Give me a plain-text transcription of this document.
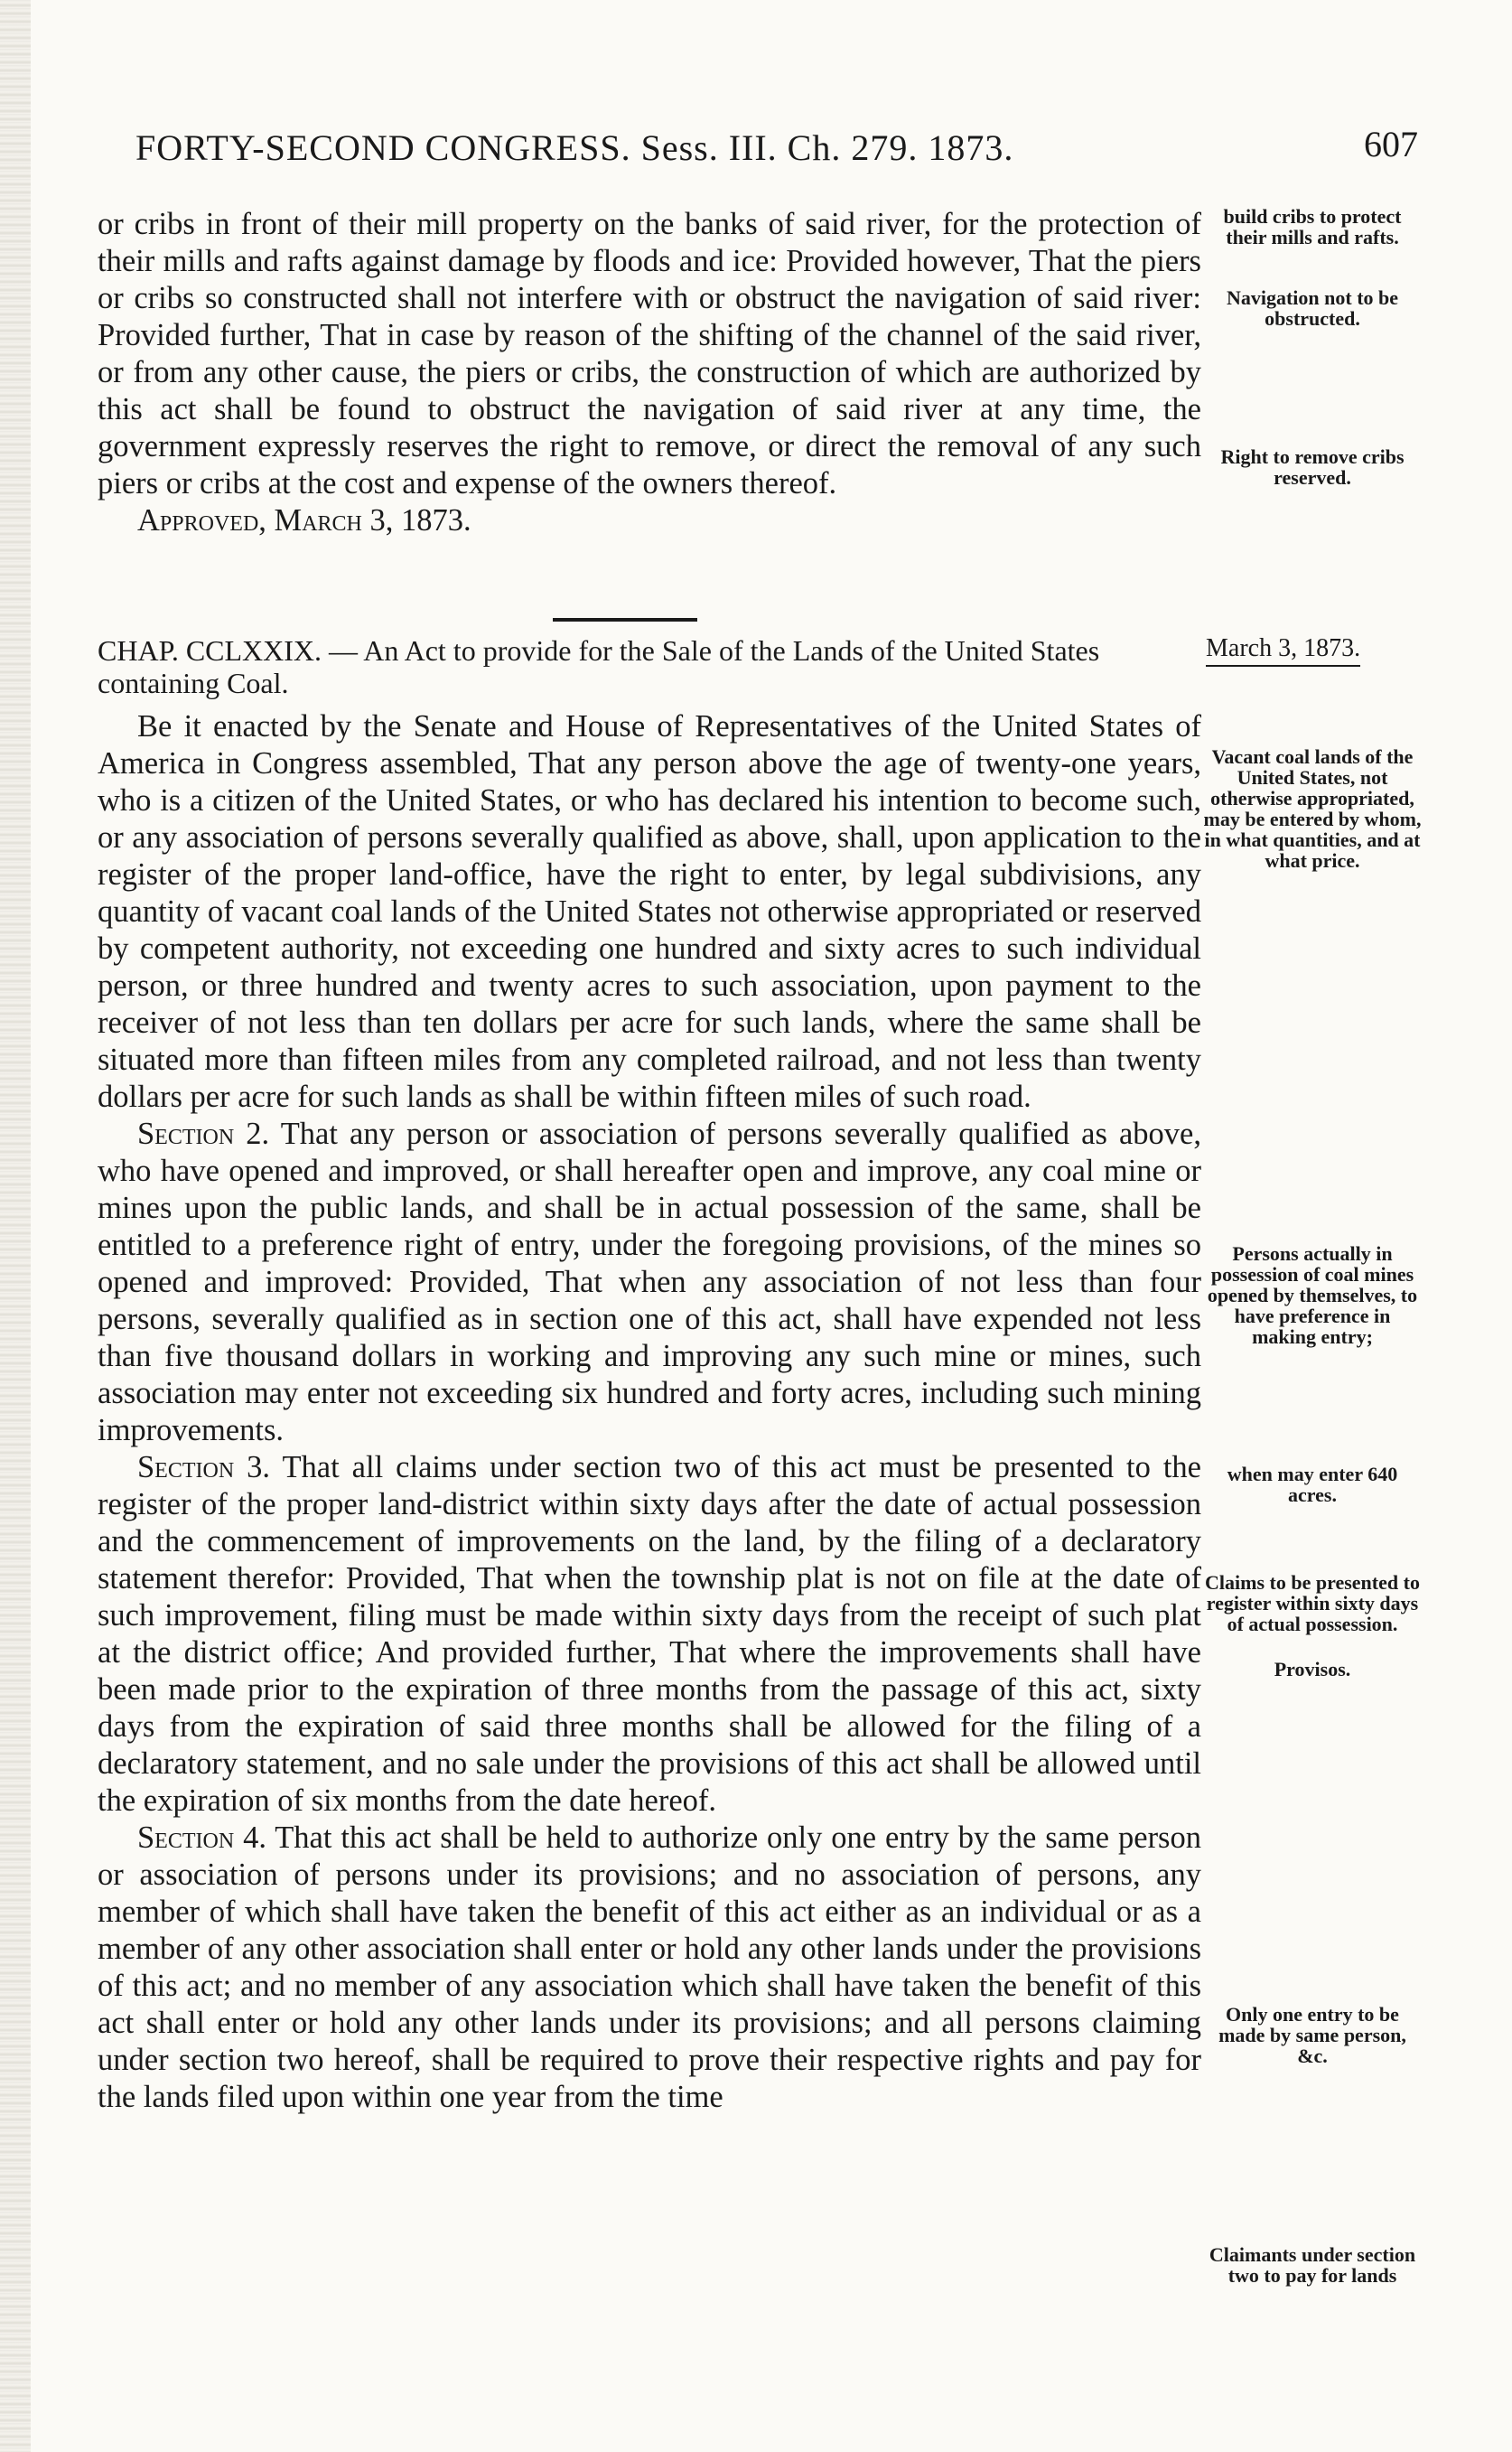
FORTY-SECOND CONGRESS. Sess. III. Ch. 279. 1873.	607

or cribs in front of their mill property on the banks of said river, for the protection of their mills and rafts against damage by floods and ice: Provided however, That the piers or cribs so constructed shall not interfere with or obstruct the navigation of said river: Provided further, That in case by reason of the shifting of the channel of the said river, or from any other cause, the piers or cribs, the construction of which are authorized by this act shall be found to obstruct the navigation of said river at any time, the government expressly reserves the right to remove, or direct the removal of any such piers or cribs at the cost and expense of the owners thereof.

Approved, March 3, 1873.

CHAP. CCLXXIX. — An Act to provide for the Sale of the Lands of the United States containing Coal.
March 3, 1873.

Be it enacted by the Senate and House of Representatives of the United States of America in Congress assembled, That any person above the age of twenty-one years, who is a citizen of the United States, or who has declared his intention to become such, or any association of persons severally qualified as above, shall, upon application to the register of the proper land-office, have the right to enter, by legal subdivisions, any quantity of vacant coal lands of the United States not otherwise appropriated or reserved by competent authority, not exceeding one hundred and sixty acres to such individual person, or three hundred and twenty acres to such association, upon payment to the receiver of not less than ten dollars per acre for such lands, where the same shall be situated more than fifteen miles from any completed railroad, and not less than twenty dollars per acre for such lands as shall be within fifteen miles of such road.

Section 2. That any person or association of persons severally qualified as above, who have opened and improved, or shall hereafter open and improve, any coal mine or mines upon the public lands, and shall be in actual possession of the same, shall be entitled to a preference right of entry, under the foregoing provisions, of the mines so opened and improved: Provided, That when any association of not less than four persons, severally qualified as in section one of this act, shall have expended not less than five thousand dollars in working and improving any such mine or mines, such association may enter not exceeding six hundred and forty acres, including such mining improvements.

Section 3. That all claims under section two of this act must be presented to the register of the proper land-district within sixty days after the date of actual possession and the commencement of improvements on the land, by the filing of a declaratory statement therefor: Provided, That when the township plat is not on file at the date of such improvement, filing must be made within sixty days from the receipt of such plat at the district office; And provided further, That where the improvements shall have been made prior to the expiration of three months from the passage of this act, sixty days from the expiration of said three months shall be allowed for the filing of a declaratory statement, and no sale under the provisions of this act shall be allowed until the expiration of six months from the date hereof.

Section 4. That this act shall be held to authorize only one entry by the same person or association of persons under its provisions; and no association of persons, any member of which shall have taken the benefit of this act either as an individual or as a member of any other association shall enter or hold any other lands under the provisions of this act; and no member of any association which shall have taken the benefit of this act shall enter or hold any other lands under its provisions; and all persons claiming under section two hereof, shall be required to prove their respective rights and pay for the lands filed upon within one year from the time

build cribs to protect their mills and rafts.
Navigation not to be obstructed.
Right to remove cribs reserved.
Vacant coal lands of the United States, not otherwise appropriated, may be entered by whom, in what quantities, and at what price.
Persons actually in possession of coal mines opened by themselves, to have preference in making entry;
when may enter 640 acres.
Claims to be presented to register within sixty days of actual possession.
Provisos.
Only one entry to be made by same person, &c.
Claimants under section two to pay for lands
